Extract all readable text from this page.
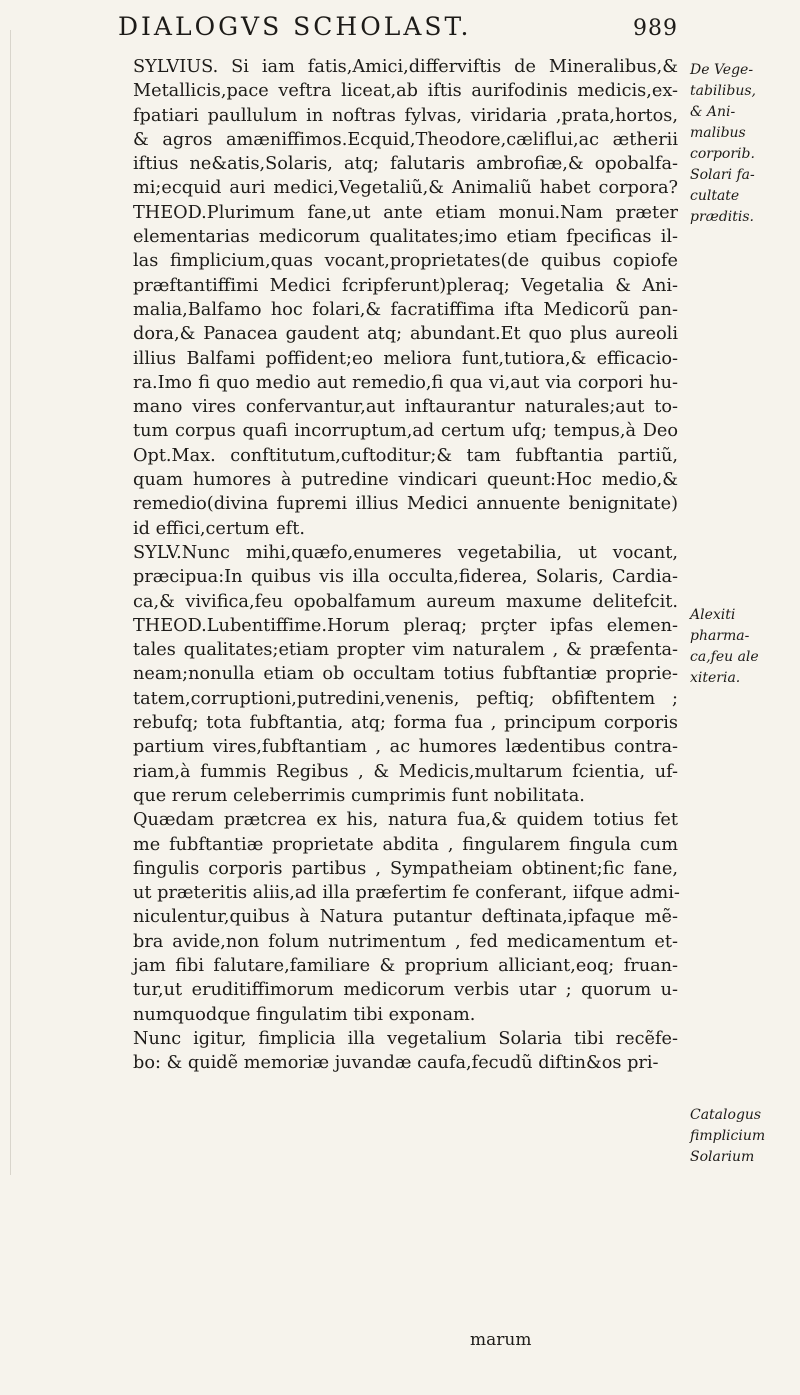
DIALOGVS SCHOLAST.	989

SYLVIUS. Si iam fatis,Amici,differviftis de Mineralibus,&

Metallicis,pace veftra liceat,ab iftis aurifodinis medicis,ex-

fpatiari paullulum in noftras fylvas, viridaria ,prata,hortos,

& agros amæniffimos.Ecquid,Theodore,cæliflui,ac ætherii

iftius ne&atis,Solaris, atq; falutaris ambrofiæ,& opobalfa-

mi;ecquid auri medici,Vegetaliũ,& Animaliũ habet corpora?

THEOD.Plurimum fane,ut ante etiam monui.Nam præter

elementarias medicorum qualitates;imo etiam fpecificas il-

las fimplicium,quas vocant,proprietates(de quibus copiofe

præftantiffimi Medici fcripferunt)pleraq; Vegetalia & Ani-

malia,Balfamo hoc folari,& facratiffima ifta Medicorũ pan-

dora,& Panacea gaudent atq; abundant.Et quo plus aureoli

illius Balfami poffident;eo meliora funt,tutiora,& efficacio-

ra.Imo fi quo medio aut remedio,fi qua vi,aut via corpori hu-

mano vires confervantur,aut inftaurantur naturales;aut to-

tum corpus quafi incorruptum,ad certum ufq; tempus,à Deo

Opt.Max. conftitutum,cuftoditur;& tam fubftantia partiũ,

quam humores à putredine vindicari queunt:Hoc medio,&

remedio(divina fupremi illius Medici annuente benignitate)

id effici,certum eft.

SYLV.Nunc mihi,quæfo,enumeres vegetabilia, ut vocant,

præcipua:In quibus vis illa occulta,fiderea, Solaris, Cardia-

ca,& vivifica,feu opobalfamum aureum maxume delitefcit.

THEOD.Lubentiffime.Horum pleraq; prçter ipfas elemen-

tales qualitates;etiam propter vim naturalem , & præfenta-

neam;nonulla etiam ob occultam totius fubftantiæ proprie-

tatem,corruptioni,putredini,venenis, peftiq; obfiftentem ;

rebufq; tota fubftantia, atq; forma fua , principum corporis

partium vires,fubftantiam , ac humores lædentibus contra-

riam,à fummis Regibus , & Medicis,multarum fcientia, uf-

que rerum celeberrimis cumprimis funt nobilitata.

Quædam prætcrea ex his, natura fua,& quidem totius fet

me fubftantiæ proprietate abdita , fingularem fingula cum

fingulis corporis partibus , Sympatheiam obtinent;fic fane,

ut præteritis aliis,ad illa præfertim fe conferant, iifque admi-

niculentur,quibus à Natura putantur deftinata,ipfaque mẽ-

bra avide,non folum nutrimentum , fed medicamentum et-

jam fibi falutare,familiare & proprium alliciant,eoq; fruan-

tur,ut eruditiffimorum medicorum verbis utar ; quorum u-

numquodque fingulatim tibi exponam.

Nunc igitur, fimplicia illa vegetalium Solaria tibi recẽfe-

bo: & quidẽ memoriæ juvandæ caufa,fecudũ diftin&os pri-

De Vege-
tabilibus,
& Ani-
malibus
corporib.
Solari fa-
cultate
præditis.
Alexiti
pharma-
ca,feu ale
xiteria.
Catalogus
fimplicium
Solarium
marum
